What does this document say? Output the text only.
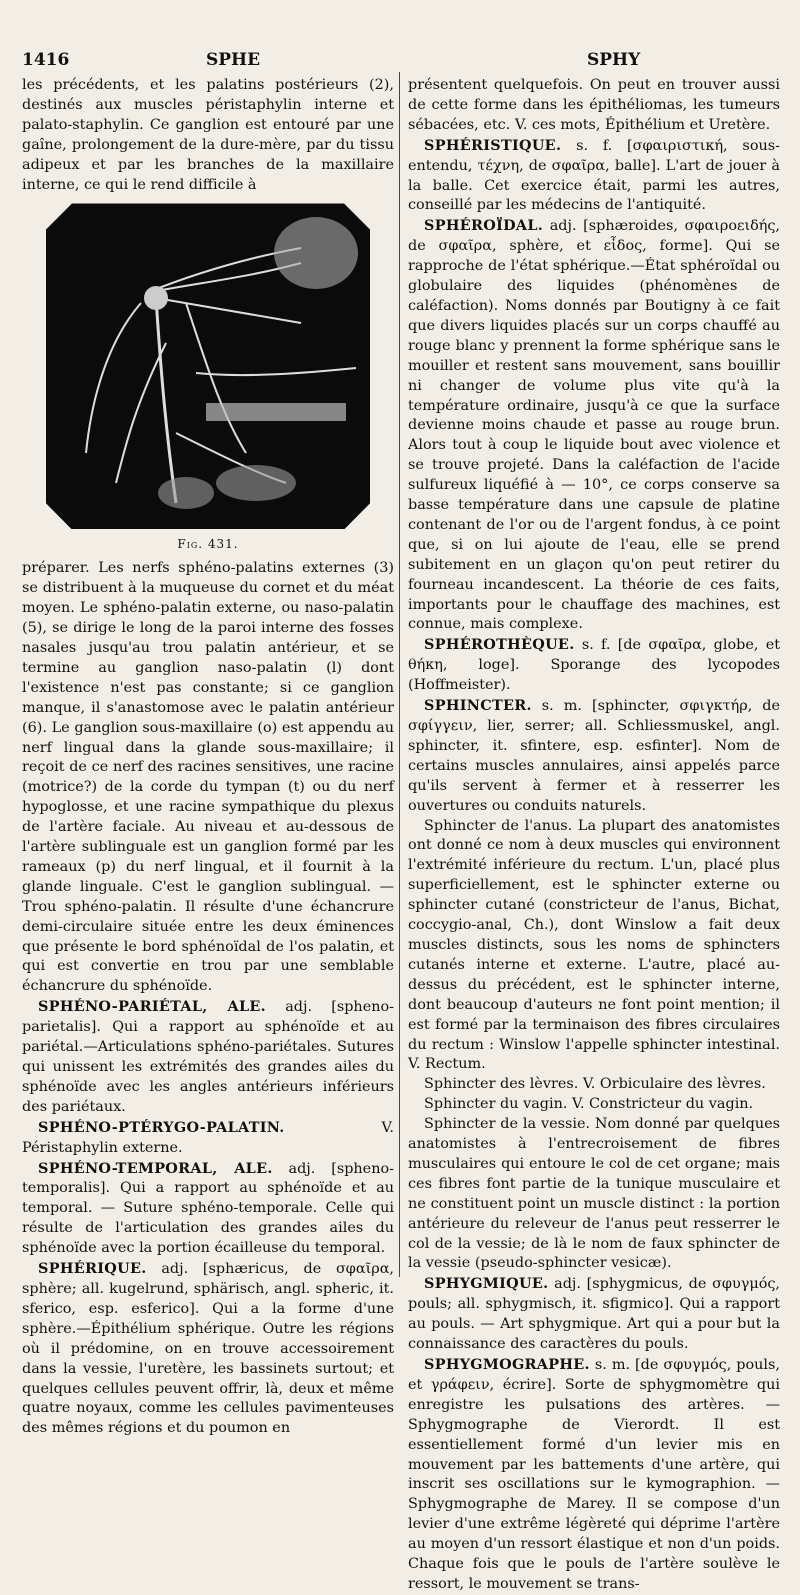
1416	SPHE	SPHY

les précédents, et les palatins postérieurs (2), destinés aux muscles péristaphylin interne et palato-staphylin. Ce ganglion est entouré par une gaîne, prolongement de la dure-mère, par du tissu adipeux et par les branches de la maxillaire interne, ce qui le rend difficile à

Fig. 431.

préparer. Les nerfs sphéno-palatins externes (3) se distribuent à la muqueuse du cornet et du méat moyen. Le sphéno-palatin externe, ou naso-palatin (5), se dirige le long de la paroi interne des fosses nasales jusqu'au trou palatin antérieur, et se termine au ganglion naso-palatin (l) dont l'existence n'est pas constante; si ce ganglion manque, il s'anastomose avec le palatin antérieur (6). Le ganglion sous-maxillaire (o) est appendu au nerf lingual dans la glande sous-maxillaire; il reçoit de ce nerf des racines sensitives, une racine (motrice?) de la corde du tympan (t) ou du nerf hypoglosse, et une racine sympathique du plexus de l'artère faciale. Au niveau et au-dessous de l'artère sublinguale est un ganglion formé par les rameaux (p) du nerf lingual, et il fournit à la glande linguale. C'est le ganglion sublingual. — Trou sphéno-palatin. Il résulte d'une échancrure demi-circulaire située entre les deux éminences que présente le bord sphénoïdal de l'os palatin, et qui est convertie en trou par une semblable échancrure du sphénoïde.

SPHÉNO-PARIÉTAL, ALE. adj. [spheno-parietalis]. Qui a rapport au sphénoïde et au pariétal.—Articulations sphéno-pariétales. Sutures qui unissent les extrémités des grandes ailes du sphénoïde avec les angles antérieurs inférieurs des pariétaux.

SPHÉNO-PTÉRYGO-PALATIN.	V. Péristaphylin externe.

SPHÉNO-TEMPORAL, ALE. adj. [spheno-temporalis]. Qui a rapport au sphénoïde et au temporal. — Suture sphéno-temporale. Celle qui résulte de l'articulation des grandes ailes du sphénoïde avec la portion écailleuse du temporal.

SPHÉRIQUE. adj. [sphæricus, de σφαῖρα, sphère; all. kugelrund, sphärisch, angl. spheric, it. sferico, esp. esferico]. Qui a la forme d'une sphère.—Épithélium sphérique. Outre les régions où il prédomine, on en trouve accessoirement dans la vessie, l'uretère, les bassinets surtout; et quelques cellules peuvent offrir, là, deux et même quatre noyaux, comme les cellules pavimenteuses des mêmes régions et du poumon en

présentent quelquefois. On peut en trouver aussi de cette forme dans les épithéliomas, les tumeurs sébacées, etc. V. ces mots, Épithélium et Uretère.

SPHÉRISTIQUE. s. f. [σφαιριστική, sous-entendu, τέχνη, de σφαῖρα, balle]. L'art de jouer à la balle. Cet exercice était, parmi les autres, conseillé par les médecins de l'antiquité.

SPHÉROÏDAL. adj. [sphæroides, σφαιροειδής, de σφαῖρα, sphère, et εἶδος, forme]. Qui se rapproche de l'état sphérique.—État sphéroïdal ou globulaire des liquides (phénomènes de caléfaction). Noms donnés par Boutigny à ce fait que divers liquides placés sur un corps chauffé au rouge blanc y prennent la forme sphérique sans le mouiller et restent sans mouvement, sans bouillir ni changer de volume plus vite qu'à la température ordinaire, jusqu'à ce que la surface devienne moins chaude et passe au rouge brun. Alors tout à coup le liquide bout avec violence et se trouve projeté. Dans la caléfaction de l'acide sulfureux liquéfié à — 10°, ce corps conserve sa basse température dans une capsule de platine contenant de l'or ou de l'argent fondus, à ce point que, si on lui ajoute de l'eau, elle se prend subitement en un glaçon qu'on peut retirer du fourneau incandescent. La théorie de ces faits, importants pour le chauffage des machines, est connue, mais complexe.

SPHÉROTHÈQUE. s. f. [de σφαῖρα, globe, et θήκη, loge]. Sporange des lycopodes (Hoffmeister).

SPHINCTER. s. m. [sphincter, σφιγκτήρ, de σφίγγειν, lier, serrer; all. Schliessmuskel, angl. sphincter, it. sfintere, esp. esfinter]. Nom de certains muscles annulaires, ainsi appelés parce qu'ils servent à fermer et à resserrer les ouvertures ou conduits naturels.

Sphincter de l'anus. La plupart des anatomistes ont donné ce nom à deux muscles qui environnent l'extrémité inférieure du rectum. L'un, placé plus superficiellement, est le sphincter externe ou sphincter cutané (constricteur de l'anus, Bichat, coccygio-anal, Ch.), dont Winslow a fait deux muscles distincts, sous les noms de sphincters cutanés interne et externe. L'autre, placé au-dessus du précédent, est le sphincter interne, dont beaucoup d'auteurs ne font point mention; il est formé par la terminaison des fibres circulaires du rectum : Winslow l'appelle sphincter intestinal. V. Rectum.

Sphincter des lèvres. V. Orbiculaire des lèvres.

Sphincter du vagin. V. Constricteur du vagin.

Sphincter de la vessie. Nom donné par quelques anatomistes à l'entrecroisement de fibres musculaires qui entoure le col de cet organe; mais ces fibres font partie de la tunique musculaire et ne constituent point un muscle distinct : la portion antérieure du releveur de l'anus peut resserrer le col de la vessie; de là le nom de faux sphincter de la vessie (pseudo-sphincter vesicæ).

SPHYGMIQUE. adj. [sphygmicus, de σφυγμός, pouls; all. sphygmisch, it. sfigmico]. Qui a rapport au pouls. — Art sphygmique. Art qui a pour but la connaissance des caractères du pouls.

SPHYGMOGRAPHE. s. m. [de σφυγμός, pouls, et γράφειν, écrire]. Sorte de sphygmomètre qui enregistre les pulsations des artères. — Sphygmographe de Vierordt. Il est essentiellement formé d'un levier mis en mouvement par les battements d'une artère, qui inscrit ses oscillations sur le kymographion. — Sphygmographe de Marey. Il se compose d'un levier d'une extrême légèreté qui déprime l'artère au moyen d'un ressort élastique et non d'un poids. Chaque fois que le pouls de l'artère soulève le ressort, le mouvement se trans-
